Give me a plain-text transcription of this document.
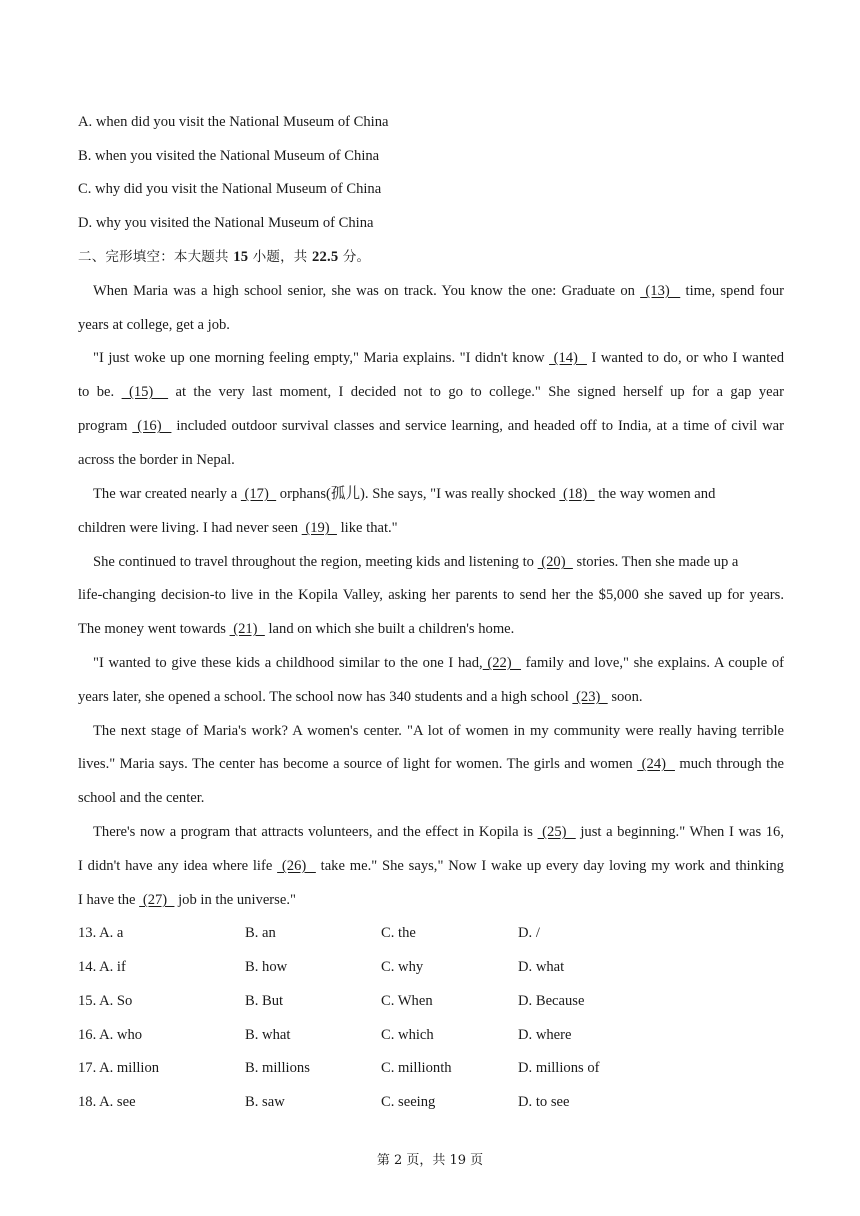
A. when did you visit the National Museum of China
B. when you visited the National Museum of China
C. why did you visit the National Museum of China
D. why you visited the National Museum of China
二、完形填空：本大题共 15 小题，共 22.5 分。
When Maria was a high school senior, she was on track. You know the one: Graduate on  (13)   time, spend four
years at college, get a job.
"I just woke up one morning feeling empty," Maria explains. "I didn't know  (14)   I wanted to do, or who I wanted
to be.  (15)   at the very last moment, I decided not to go to college." She signed herself up for a gap year
program  (16)   included outdoor survival classes and service learning, and headed off to India, at a time of civil war
across the border in Nepal.
The war created nearly a  (17)   orphans(孤儿). She says, "I was really shocked  (18)   the way women and
children were living. I had never seen  (19)   like that."
She continued to travel throughout the region, meeting kids and listening to  (20)   stories. Then she made up a
life-changing decision-to live in the Kopila Valley, asking her parents to send her the $5,000 she saved up for years.
The money went towards  (21)   land on which she built a children's home.
"I wanted to give these kids a childhood similar to the one I had, (22)   family and love," she explains. A couple of
years later, she opened a school. The school now has 340 students and a high school  (23)   soon.
The next stage of Maria's work? A women's center. "A lot of women in my community were really having terrible
lives." Maria says. The center has become a source of light for women. The girls and women  (24)   much through the
school and the center.
There's now a program that attracts volunteers, and the effect in Kopila is  (25)   just a beginning." When I was 16,
I didn't have any idea where life  (26)   take me." She says," Now I wake up every day loving my work and thinking
I have the  (27)   job in the universe."
13. A. a	B. an	C. the	D. /
14. A. if	B. how	C. why	D. what
15. A. So	B. But	C. When	D. Because
16. A. who	B. what	C. which	D. where
17. A. million	B. millions	C. millionth	D. millions of
18. A. see	B. saw	C. seeing	D. to see
第 2 页，共 19 页
